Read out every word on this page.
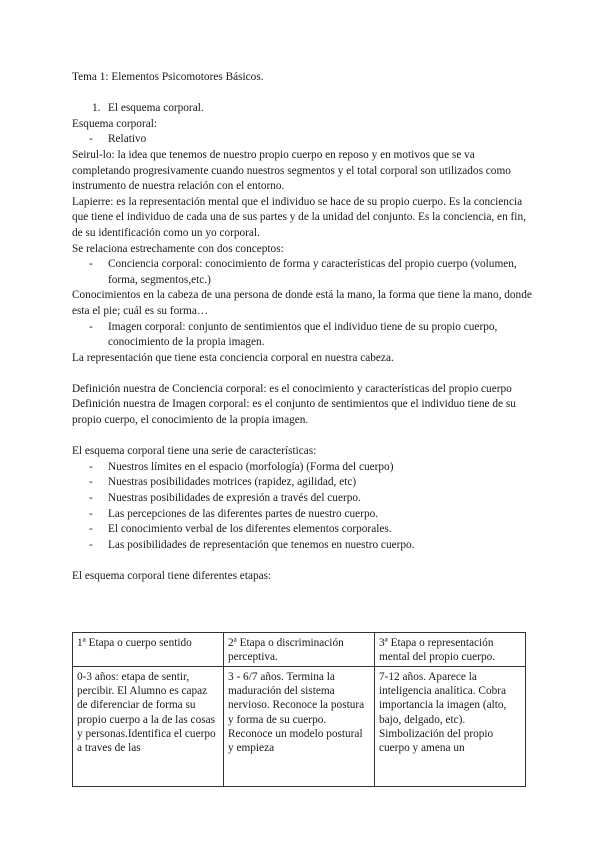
Tema 1: Elementos Psicomotores Básicos.

1. El esquema corporal.

Esquema corporal:

- Relativo

Seirul-lo: la idea que tenemos de nuestro propio cuerpo en reposo y en motivos que se va completando progresivamente cuando nuestros segmentos y el total corporal son utilizados como instrumento de nuestra relación con el entorno.

Lapierre: es la representación mental que el individuo se hace de su propio cuerpo. Es la conciencia que tiene el individuo de cada una de sus partes y de la unidad del conjunto. Es la conciencia, en fin, de su identificación como un yo corporal.

Se relaciona estrechamente con dos conceptos:

- Conciencia corporal: conocimiento de forma y características del propio cuerpo (volumen, forma, segmentos,etc.)

Conocimientos en la cabeza de una persona de donde está la mano, la forma que tiene la mano, donde esta el pie; cuál es su forma…

- Imagen corporal: conjunto de sentimientos que el individuo tiene de su propio cuerpo, conocimiento de la propia imagen.

La representación que tiene esta conciencia corporal en nuestra cabeza.

Definición nuestra de Conciencia corporal: es el conocimiento y características del propio cuerpo

Definición nuestra de Imagen corporal: es el conjunto de sentimientos que el individuo tiene de su propio cuerpo, el conocimiento de la propia imagen.

El esquema corporal tiene una serie de características:

- Nuestros límites en el espacio (morfología) (Forma del cuerpo)

- Nuestras posibilidades motrices (rapidez, agilidad, etc)

- Nuestras posibilidades de expresión a través del cuerpo.

- Las percepciones de las diferentes partes de nuestro cuerpo.

- El conocimiento verbal de los diferentes elementos corporales.

- Las posibilidades de representación que tenemos en nuestro cuerpo.

El esquema corporal tiene diferentes etapas:

1ª Etapa o cuerpo sentido	2ª Etapa o discriminación perceptiva.	3ª Etapa o representación mental del propio cuerpo.

0-3 años: etapa de sentir, percibir. El Alumno es capaz de diferenciar de forma su propio cuerpo a la de las cosas y personas.Identifica el cuerpo a traves de las	3 - 6/7 años. Termina la maduración del sistema nervioso. Reconoce la postura y forma de su cuerpo. Reconoce un modelo postural y empieza	7-12 años. Aparece la inteligencia analítica. Cobra importancia la imagen (alto, bajo, delgado, etc). Simbolización del propio cuerpo y amena un
